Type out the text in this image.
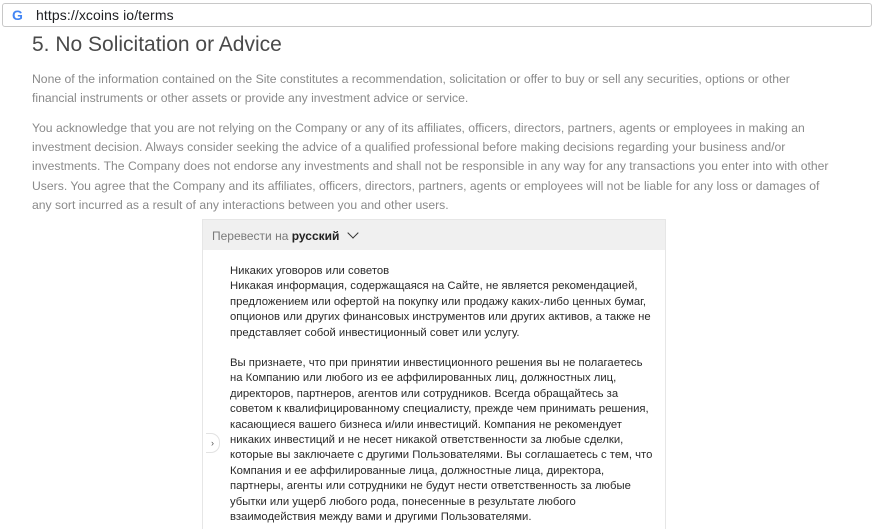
G https://xcoins io/terms
5. No Solicitation or Advice

None of the information contained on the Site constitutes a recommendation, solicitation or offer to buy or sell any securities, options or other financial instruments or other assets or provide any investment advice or service.

You acknowledge that you are not relying on the Company or any of its affiliates, officers, directors, partners, agents or employees in making an investment decision. Always consider seeking the advice of a qualified professional before making decisions regarding your business and/or investments. The Company does not endorse any investments and shall not be responsible in any way for any transactions you enter into with other Users. You agree that the Company and its affiliates, officers, directors, partners, agents or employees will not be liable for any loss or damages of any sort incurred as a result of any interactions between you and other users.

Перевести на русский

Никаких уговоров или советов
Никакая информация, содержащаяся на Сайте, не является рекомендацией, предложением или офертой на покупку или продажу каких-либо ценных бумаг, опционов или других финансовых инструментов или других активов, а также не представляет собой инвестиционный совет или услугу.

Вы признаете, что при принятии инвестиционного решения вы не полагаетесь на Компанию или любого из ее аффилированных лиц, должностных лиц, директоров, партнеров, агентов или сотрудников. Всегда обращайтесь за советом к квалифицированному специалисту, прежде чем принимать решения, касающиеся вашего бизнеса и/или инвестиций. Компания не рекомендует никаких инвестиций и не несет никакой ответственности за любые сделки, которые вы заключаете с другими Пользователями. Вы соглашаетесь с тем, что Компания и ее аффилированные лица, должностные лица, директора, партнеры, агенты или сотрудники не будут нести ответственность за любые убытки или ущерб любого рода, понесенные в результате любого взаимодействия между вами и другими Пользователями.

›
